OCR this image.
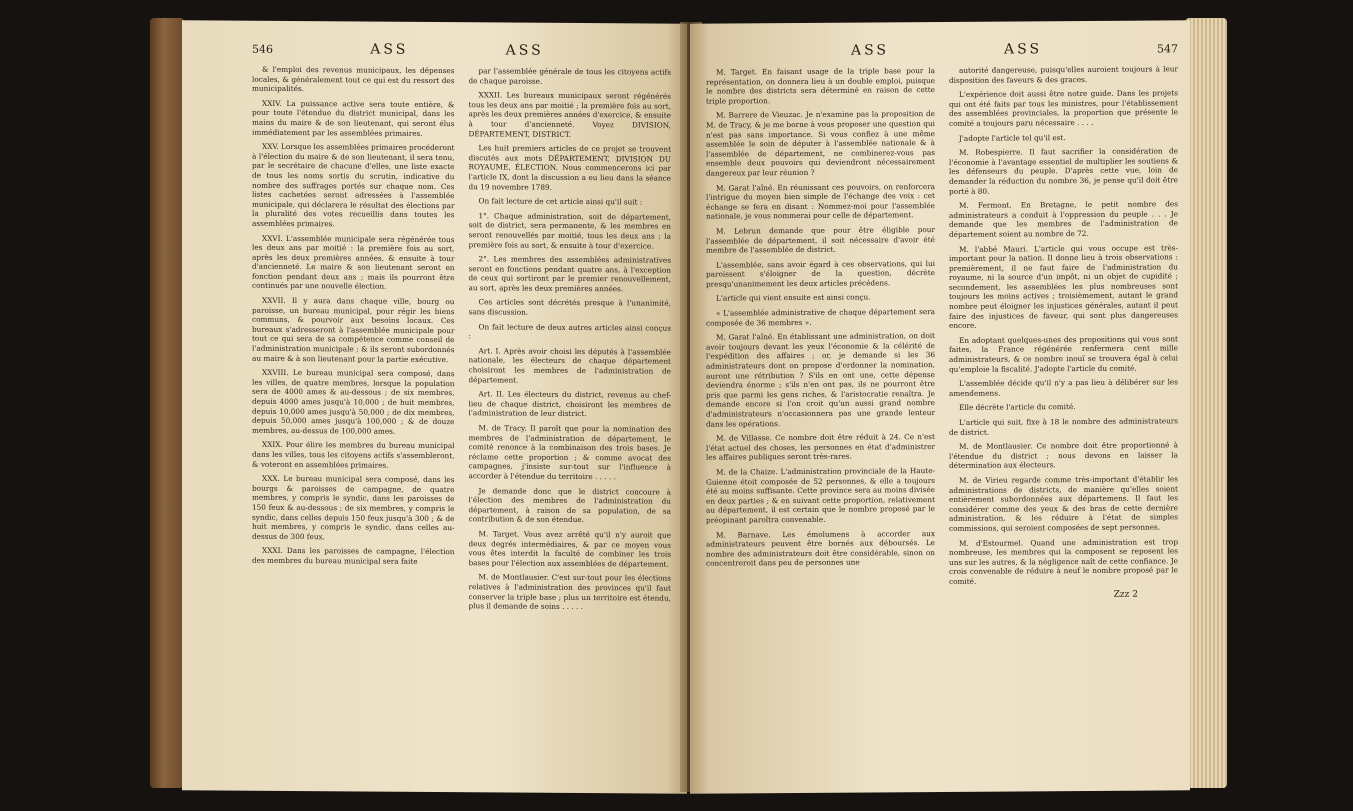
546	ASS	ASS

& l'emploi des revenus municipaux, les dépenses locales, & généralement tout ce qui est du ressort des municipalités.

XXIV. La puissance active sera toute entière, & pour toute l'étendue du district municipal, dans les mains du maire & de son lieutenant, qui seront élus immédiatement par les assemblées primaires.

XXV. Lorsque les assemblées primaires procéderont à l'élection du maire & de son lieutenant, il sera tenu, par le secrétaire de chacune d'elles, une liste exacte de tous les noms sortis du scrutin, indicative du nombre des suffrages portés sur chaque nom. Ces listes cachetées seront adressées à l'assemblée municipale, qui déclarera le résultat des élections par la pluralité des votes recueillis dans toutes les assemblées primaires.

XXVI. L'assemblée municipale sera régénérée tous les deux ans par moitié : la première fois au sort, après les deux premières années, & ensuite à tour d'ancienneté. Le maire & son lieutenant seront en fonction pendant deux ans ; mais ils pourront être continués par une nouvelle élection.

XXVII. Il y aura dans chaque ville, bourg ou paroisse, un bureau municipal, pour régir les biens communs, & pourvoir aux besoins locaux. Ces bureaux s'adresseront à l'assemblée municipale pour tout ce qui sera de sa compétence comme conseil de l'administration municipale ; & ils seront subordonnés au maire & à son lieutenant pour la partie exécutive.

XXVIII. Le bureau municipal sera composé, dans les villes, de quatre membres, lorsque la population sera de 4000 ames & au-dessous ; de six membres, depuis 4000 ames jusqu'à 10,000 ; de huit membres, depuis 10,000 ames jusqu'à 50,000 ; de dix membres, depuis 50,000 ames jusqu'à 100,000 ; & de douze membres, au-dessus de 100,000 ames.

XXIX. Pour élire les membres du bureau municipal dans les villes, tous les citoyens actifs s'assembleront, & voteront en assemblées primaires.

XXX. Le bureau municipal sera composé, dans les bourgs & paroisses de campagne, de quatre membres, y compris le syndic, dans les paroisses de 150 feux & au-dessous ; de six membres, y compris le syndic, dans celles depuis 150 feux jusqu'à 300 ; & de huit membres, y compris le syndic, dans celles au-dessus de 300 feux.

XXXI. Dans les paroisses de campagne, l'élection des membres du bureau municipal sera faite

par l'assemblée générale de tous les citoyens actifs de chaque paroisse.

XXXII. Les bureaux municipaux seront régénérés tous les deux ans par moitié ; la première fois au sort, après les deux premières années d'exercice, & ensuite à tour d'ancienneté. Voyez DIVISION, DÉPARTEMENT, DISTRICT.

Les huit premiers articles de ce projet se trouvent discutés aux mots DÉPARTEMENT, DIVISION DU ROYAUME, ÉLECTION. Nous commencerons ici par l'article IX, dont la discussion a eu lieu dans la séance du 19 novembre 1789.

On fait lecture de cet article ainsi qu'il suit :

1°. Chaque administration, soit de département, soit de district, sera permanente, & les membres en seront renouvellés par moitié, tous les deux ans ; la première fois au sort, & ensuite à tour d'exercice.

2°. Les membres des assemblées administratives seront en fonctions pendant quatre ans, à l'exception de ceux qui sortiront par le premier renouvellement, au sort, après les deux premières années.

Ces articles sont décrétés presque à l'unanimité, sans discussion.

On fait lecture de deux autres articles ainsi conçus :

Art. I. Après avoir choisi les députés à l'assemblée nationale, les électeurs de chaque département choisiront les membres de l'administration de département.

Art. II. Les électeurs du district, revenus au chef-lieu de chaque district, choisiront les membres de l'administration de leur district.

M. de Tracy. Il paroît que pour la nomination des membres de l'administration de département, le comité renonce à la combinaison des trois bases. Je réclame cette proportion ; & comme avocat des campagnes, j'insiste sur-tout sur l'influence à accorder à l'étendue du territoire . . . . .

Je demande donc que le district concoure à l'élection des membres de l'administration du département, à raison de sa population, de sa contribution & de son étendue.

M. Target. Vous avez arrêté qu'il n'y auroit que deux degrés intermédiaires, & par ce moyen vous vous êtes interdit la faculté de combiner les trois bases pour l'élection aux assemblées de département.

M. de Montlausier. C'est sur-tout pour les élections relatives à l'administration des provinces qu'il faut conserver la triple base ; plus un territoire est étendu, plus il demande de soins . . . . .

ASS	ASS	547

M. Target. En faisant usage de la triple base pour la représentation, on donnera lieu à un double emploi, puisque le nombre des districts sera déterminé en raison de cette triple proportion.

M. Barrere de Vieuzac. Je n'examine pas la proposition de M. de Tracy, & je me borne à vous proposer une question qui n'est pas sans importance. Si vous confiez à une même assemblée le soin de députer à l'assemblée nationale & à l'assemblée de département, ne combinerez-vous pas ensemble deux pouvoirs qui deviendront nécessairement dangereux par leur réunion ?

M. Garat l'aîné. En réunissant ces pouvoirs, on renforcera l'intrigue du moyen bien simple de l'échange des voix : cet échange se fera en disant : Nommez-moi pour l'assemblée nationale, je vous nommerai pour celle de département.

M. Lebrun demande que pour être éligible pour l'assemblée de département, il soit nécessaire d'avoir été membre de l'assemblée de district.

L'assemblée, sans avoir égard à ces observations, qui lui paroissent s'éloigner de la question, décrète presqu'unanimement les deux articles précédens.

L'article qui vient ensuite est ainsi conçu.

« L'assemblée administrative de chaque département sera composée de 36 membres ».

M. Garat l'aîné. En établissant une administration, on doit avoir toujours devant les yeux l'économie & la célérité de l'expédition des affaires ; or, je demande si les 36 administrateurs dont on propose d'ordonner la nomination, auront une rétribution ? S'ils en ont une, cette dépense deviendra énorme ; s'ils n'en ont pas, ils ne pourront être pris que parmi les gens riches, & l'aristocratie renaîtra. Je demande encore si l'on croit qu'un aussi grand nombre d'administrateurs n'occasionnera pas une grande lenteur dans les opérations.

M. de Villasse. Ce nombre doit être réduit à 24. Ce n'est l'état actuel des choses, les personnes en état d'administrer les affaires publiques seront très-rares.

M. de la Chaize. L'administration provinciale de la Haute-Guienne étoit composée de 52 personnes, & elle a toujours été au moins suffisante. Cette province sera au moins divisée en deux parties ; & en suivant cette proportion, relativement au département, il est certain que le nombre proposé par le préopinant paroîtra convenable.

M. Barnave. Les émolumens à accorder aux administrateurs peuvent être bornés aux déboursés. Le nombre des administrateurs doit être considérable, sinon on concentreroit dans peu de personnes une

autorité dangereuse, puisqu'elles auroient toujours à leur disposition des faveurs & des graces.

L'expérience doit aussi être notre guide. Dans les projets qui ont été faits par tous les ministres, pour l'établissement des assemblées provinciales, la proportion que présente le comité a toujours paru nécessaire . . . .

J'adopte l'article tel qu'il est.

M. Robespierre. Il faut sacrifier la considération de l'économie à l'avantage essentiel de multiplier les soutiens & les défenseurs du peuple. D'après cette vue, loin de demander la réduction du nombre 36, je pense qu'il doit être porté à 80.

M. Fermont. En Bretagne, le petit nombre des administrateurs a conduit à l'oppression du peuple . . . Je demande que les membres de l'administration de département soient au nombre de 72.

M. l'abbé Mauri. L'article qui vous occupe est très-important pour la nation. Il donne lieu à trois observations : premièrement, il ne faut faire de l'administration du royaume, ni la source d'un impôt, ni un objet de cupidité ; secondement, les assemblées les plus nombreuses sont toujours les moins actives ; troisièmement, autant le grand nombre peut éloigner les injustices générales, autant il peut faire des injustices de faveur, qui sont plus dangereuses encore.

En adoptant quelques-unes des propositions qui vous sont faites, la France régénérée renfermera cent mille administrateurs, & ce nombre inouï se trouvera égal à celui qu'emploie la fiscalité. J'adopte l'article du comité.

L'assemblée décide qu'il n'y a pas lieu à délibérer sur les amendemens.

Elle décrète l'article du comité.

L'article qui suit, fixe à 18 le nombre des administrateurs de district.

M. de Montlausier. Ce nombre doit être proportionné à l'étendue du district ; nous devons en laisser la détermination aux électeurs.

M. de Virieu regarde comme très-important d'établir les administrations de districts, de manière qu'elles soient entièrement subordonnées aux départemens. Il faut les considérer comme des yeux & des bras de cette dernière administration, & les réduire à l'état de simples commissions, qui seroient composées de sept personnes.

M. d'Estourmel. Quand une administration est trop nombreuse, les membres qui la composent se reposent les uns sur les autres, & la négligence naît de cette confiance. Je crois convenable de réduire à neuf le nombre proposé par le comité.

Zzz 2
